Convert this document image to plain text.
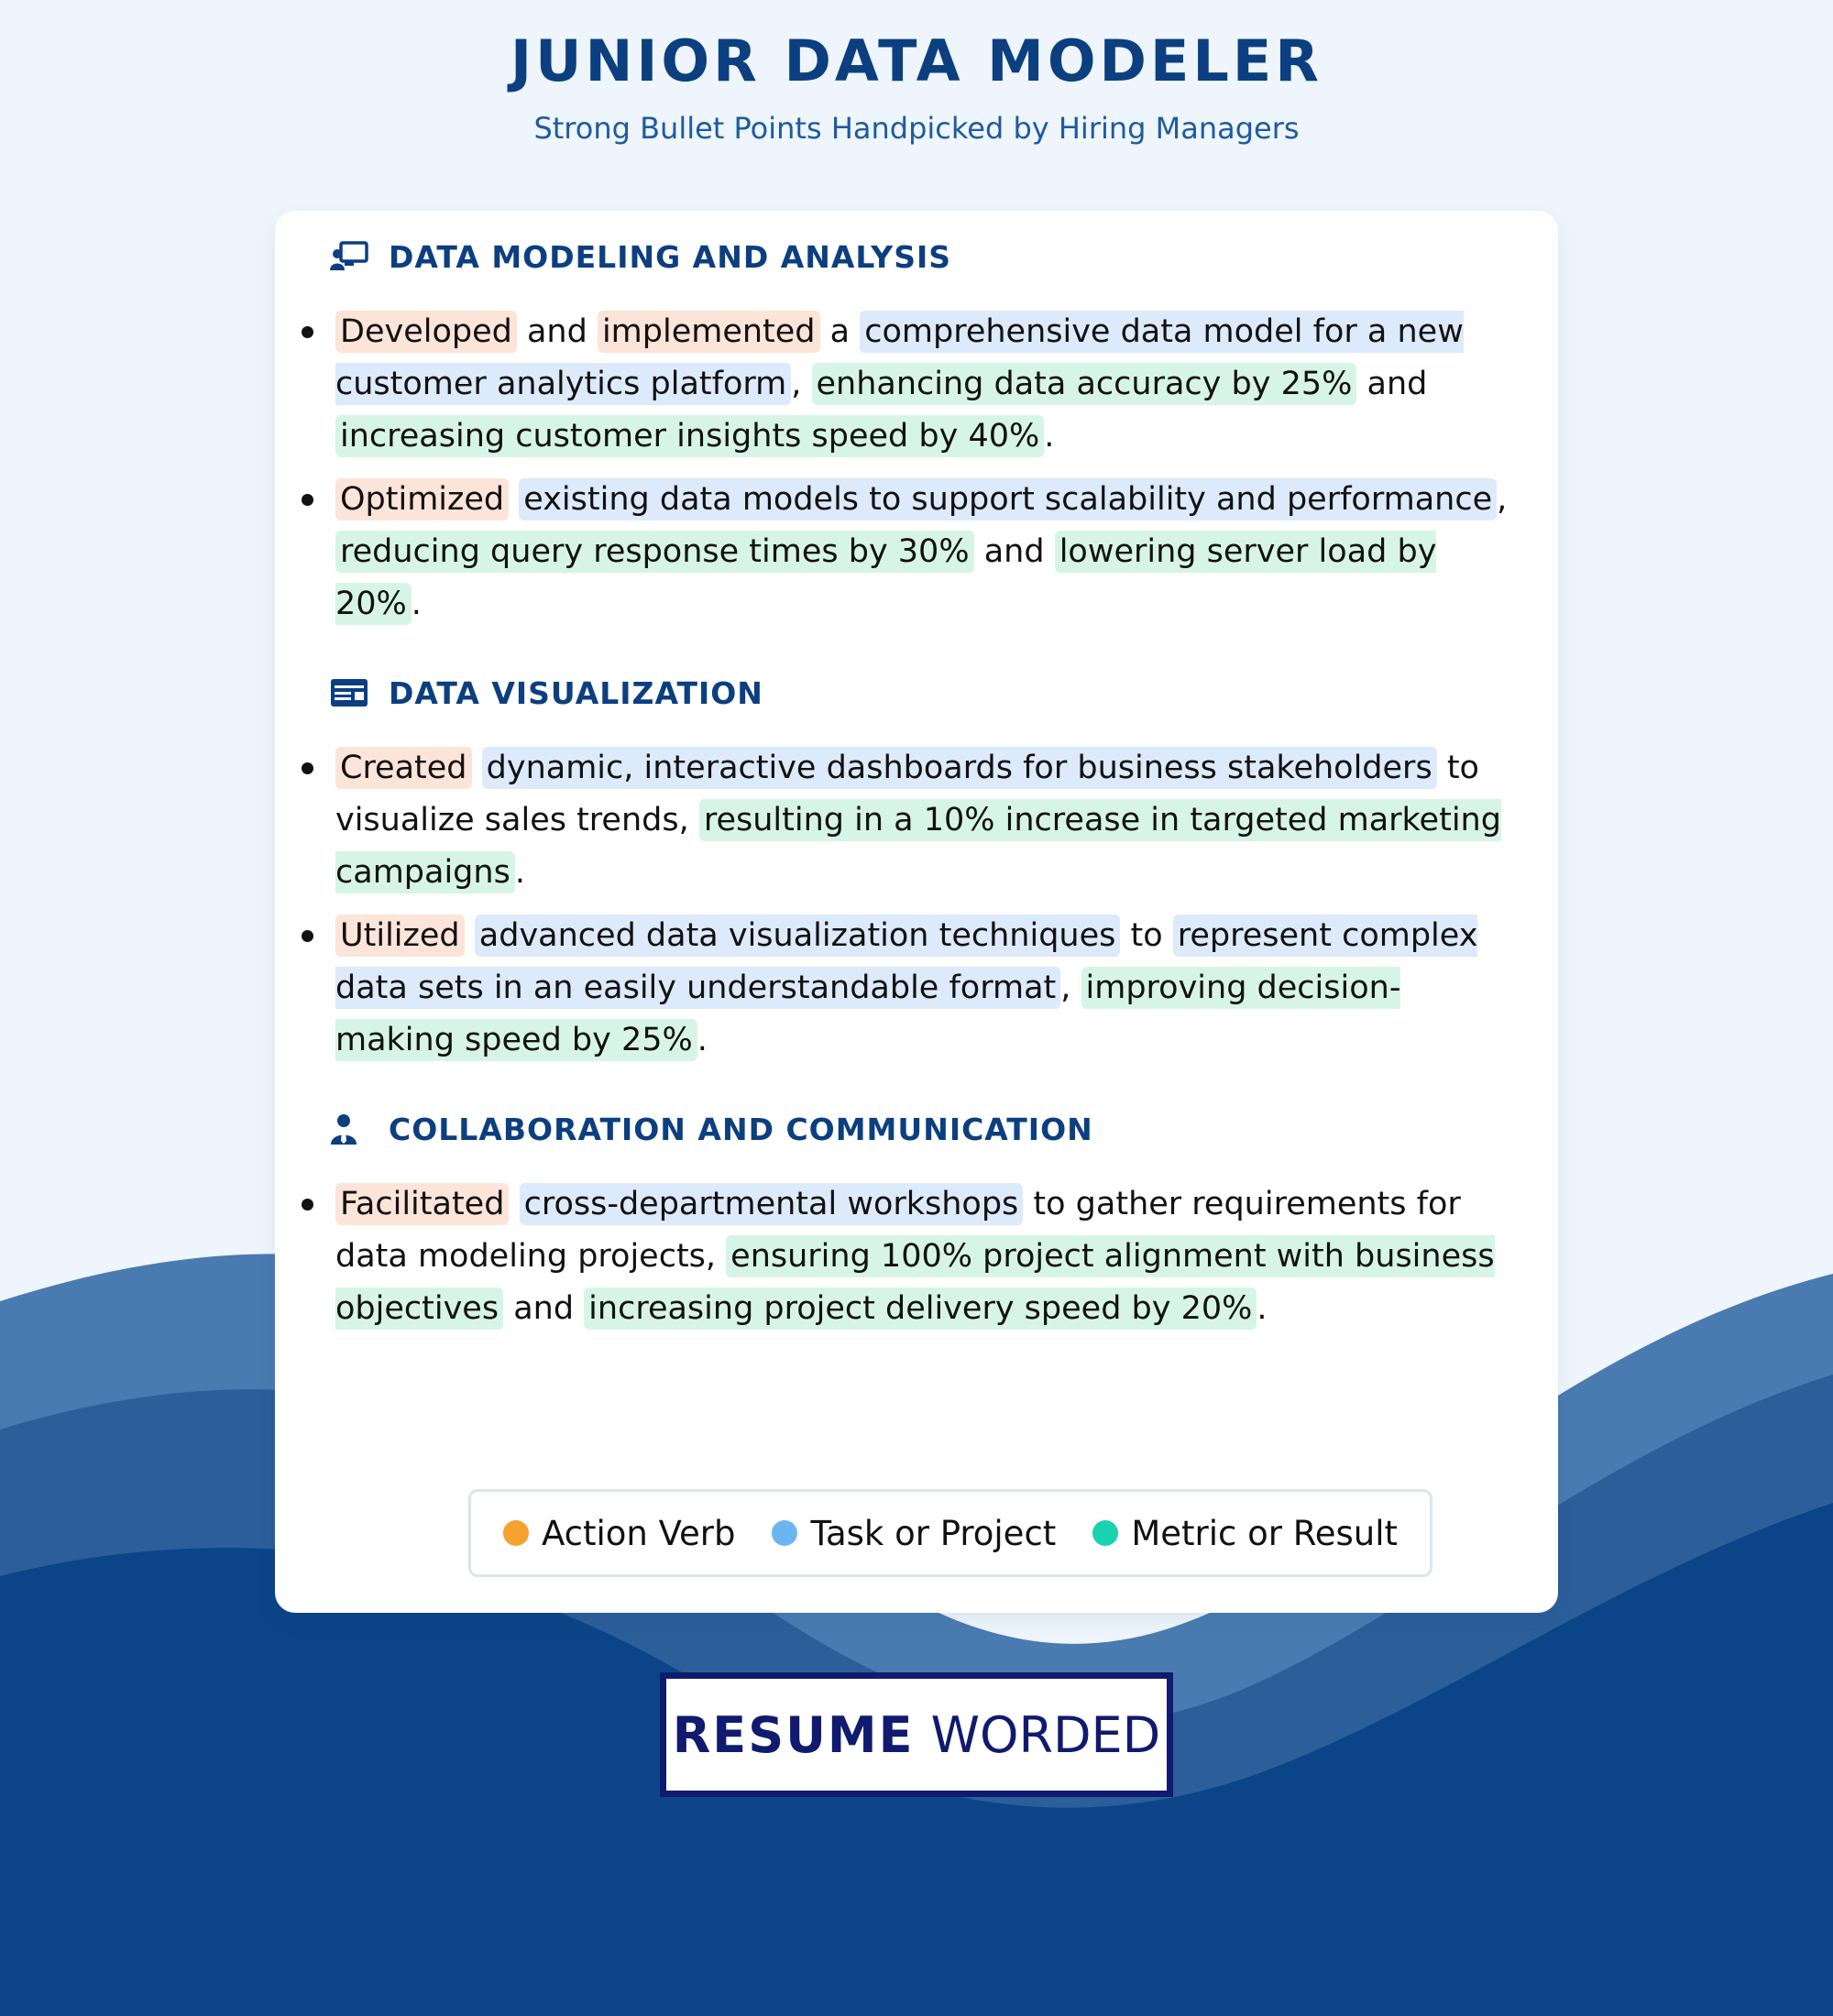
JUNIOR DATA MODELER
Strong Bullet Points Handpicked by Hiring Managers
DATA MODELING AND ANALYSIS
Developed and implemented a comprehensive data model for a new customer analytics platform , enhancing data accuracy by 25% and increasing customer insights speed by 40% .
Optimized existing data models to support scalability and performance , reducing query response times by 30% and lowering server load by 20% .
DATA VISUALIZATION
Created dynamic, interactive dashboards for business stakeholders to visualize sales trends, resulting in a 10% increase in targeted marketing campaigns .
Utilized advanced data visualization techniques to represent complex data sets in an easily understandable format , improving decision-making speed by 25% .
COLLABORATION AND COMMUNICATION
Facilitated cross-departmental workshops to gather requirements for data modeling projects, ensuring 100% project alignment with business objectives and increasing project delivery speed by 20% .
Action Verb Task or Project Metric or Result
RESUME WORDED
